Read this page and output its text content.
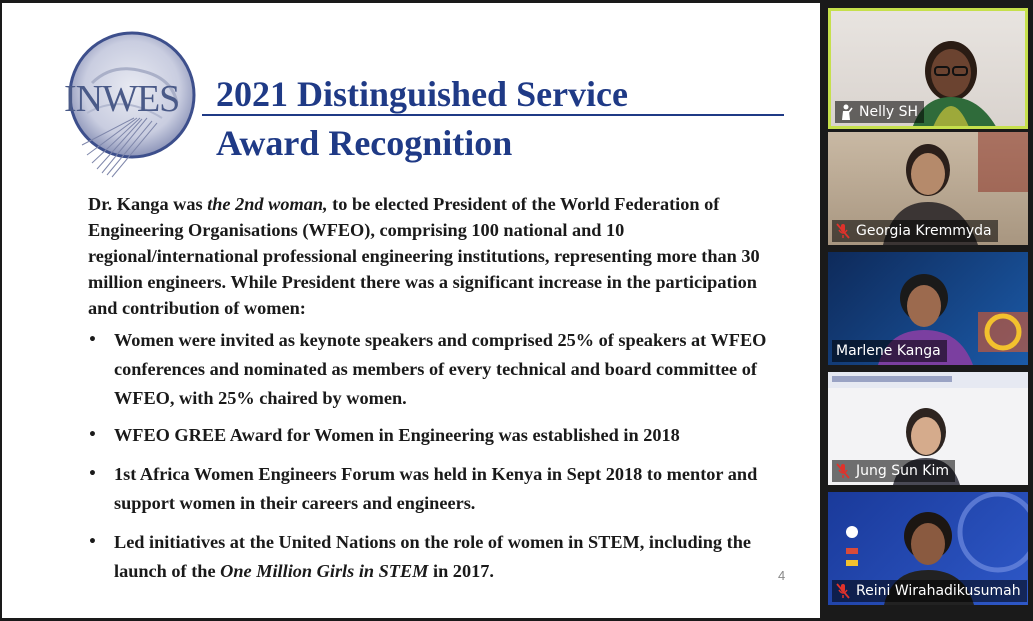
INWES 2021 Distinguished Service
Award Recognition

Dr. Kanga was the 2nd woman, to be elected President of the World Federation of Engineering Organisations (WFEO), comprising 100 national and 10 regional/international professional engineering institutions, representing more than 30 million engineers. While President there was a significant increase in the participation and contribution of women:

• Women were invited as keynote speakers and comprised 25% of speakers at WFEO conferences and nominated as members of every technical and board committee of WFEO, with 25% chaired by women.
• WFEO GREE Award for Women in Engineering was established in 2018
• 1st Africa Women Engineers Forum was held in Kenya in Sept 2018 to mentor and support women in their careers and engineers.
• Led initiatives at the United Nations on the role of women in STEM, including the launch of the One Million Girls in STEM in 2017.	4
Nelly SH
Georgia Kremmyda
Marlene Kanga
Jung Sun Kim
Reini Wirahadikusumah
